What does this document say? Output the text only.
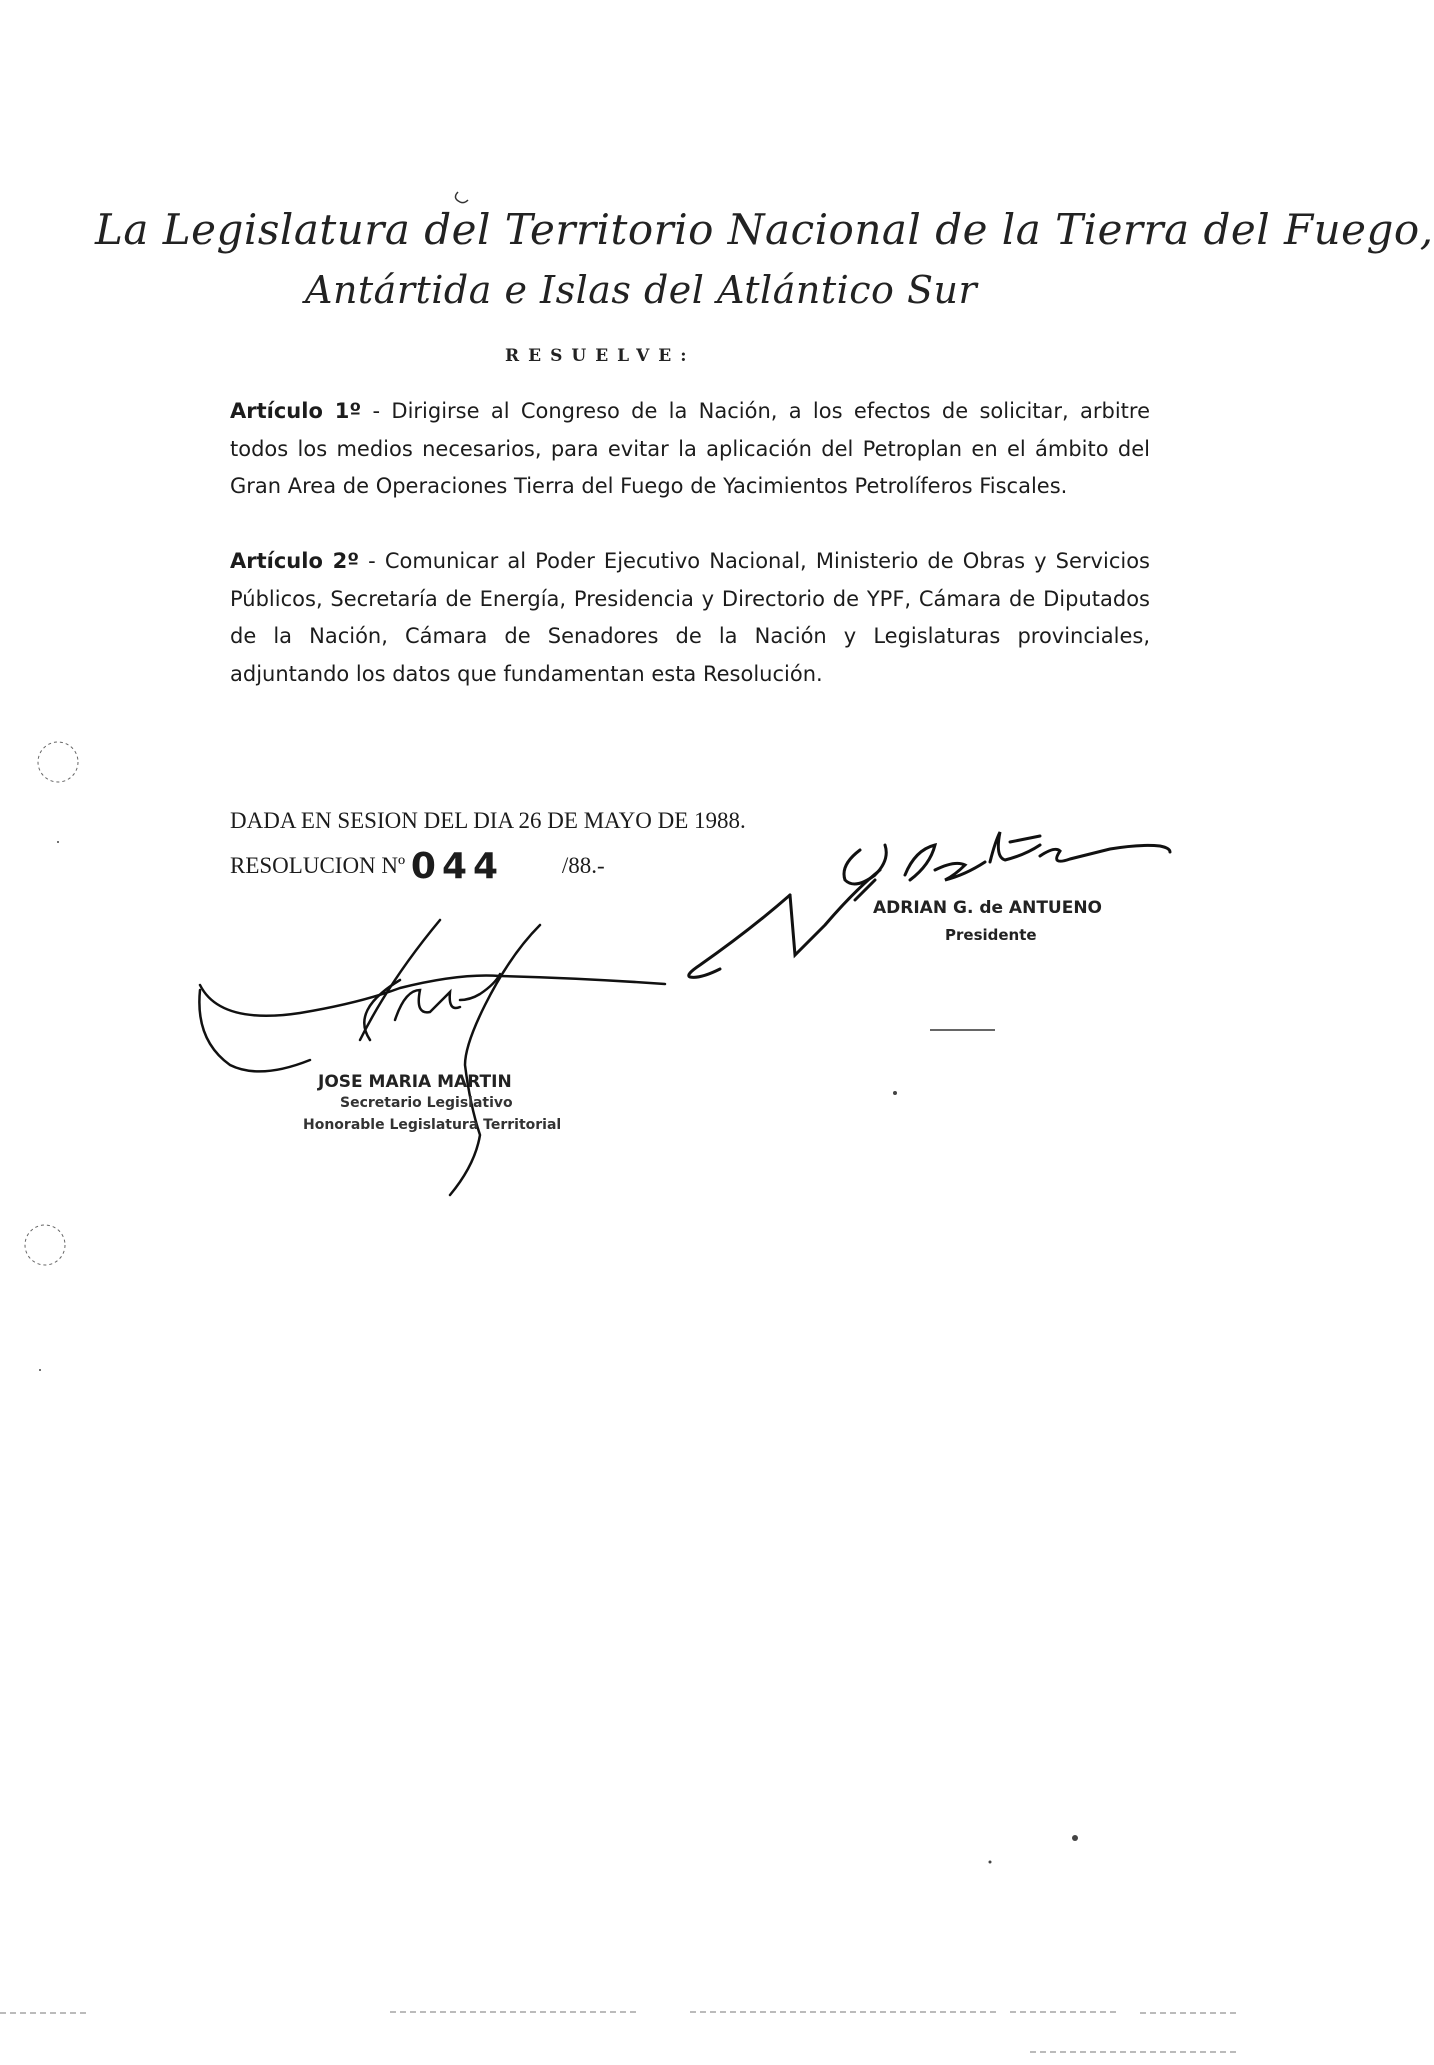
La Legislatura del Territorio Nacional de la Tierra del Fuego,
Antártida e Islas del Atlántico Sur
RESUELVE:
Artículo 1º - Dirigirse al Congreso de la Nación, a los efectos de solicitar, arbitre todos los medios necesarios, para evitar la aplicación del Petroplan en el ámbito del Gran Area de Operaciones Tierra del Fuego de Yacimientos Petrolíferos Fiscales.
Artículo 2º - Comunicar al Poder Ejecutivo Nacional, Ministerio de Obras y Servicios Públicos, Secretaría de Energía, Presidencia y Directorio de YPF, Cámara de Diputados de la Nación, Cámara de Senadores de la Nación y Legislaturas provinciales, adjuntando los datos que fundamentan esta Resolución.
DADA EN SESION DEL DIA 26 DE MAYO DE 1988.
RESOLUCION Nº 044	/88.-
ADRIAN G. de ANTUENO
Presidente
JOSE MARIA MARTIN
Secretario Legislativo
Honorable Legislatura Territorial
